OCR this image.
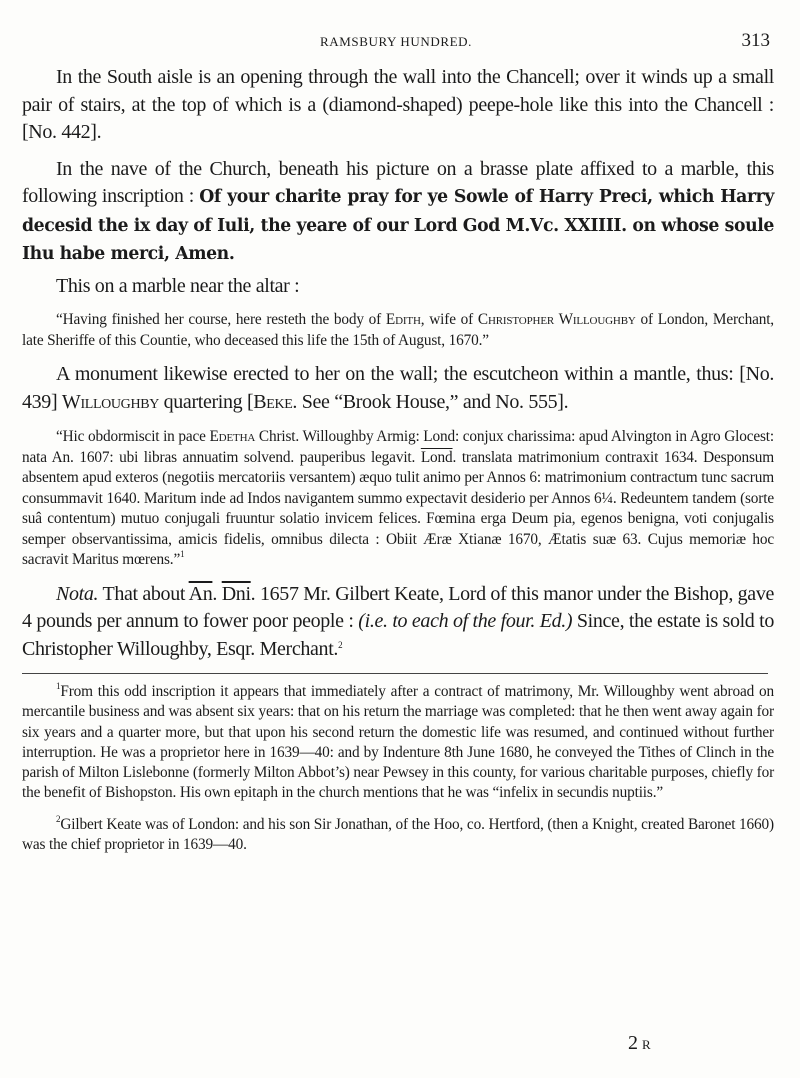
RAMSBURY HUNDRED.	313

In the South aisle is an opening through the wall into the Chancell; over it winds up a small pair of stairs, at the top of which is a (diamond-shaped) peepe-hole like this into the Chancell : [No. 442].

In the nave of the Church, beneath his picture on a brasse plate affixed to a marble, this following inscription : Of your charite pray for ye Sowle of Harry Preci, which Harry decesid the ix day of Iuli, the yeare of our Lord God M.Vc. XXIIII. on whose soule Ihu habe merci, Amen.

This on a marble near the altar :

“Having finished her course, here resteth the body of Edith, wife of Christopher Willoughby of London, Merchant, late Sheriffe of this Countie, who deceased this life the 15th of August, 1670.”

A monument likewise erected to her on the wall; the escutcheon within a mantle, thus: [No. 439] Willoughby quartering [Beke. See “Brook House,” and No. 555].

“Hic obdormiscit in pace Edetha Christ. Willoughby Armig: Lond: conjux charissima: apud Alvington in Agro Glocest: nata An. 1607: ubi libras annuatim solvend. pauperibus legavit. Lond. translata matrimonium contraxit 1634. Desponsum absentem apud exteros (negotiis mercatoriis versantem) æquo tulit animo per Annos 6: matrimonium contractum tunc sacrum consummavit 1640. Maritum inde ad Indos navigantem summo expectavit desiderio per Annos 6¼. Redeuntem tandem (sorte suâ contentum) mutuo conjugali fruuntur solatio invicem felices. Fœmina erga Deum pia, egenos benigna, voti conjugalis semper observantissima, amicis fidelis, omnibus dilecta : Obiit Æræ Xtianæ 1670, Ætatis suæ 63. Cujus memoriæ hoc sacravit Maritus mœrens.”$^1$

Nota. That about $\overline{An}$. $\overline{Dni}$. 1657 Mr. Gilbert Keate, Lord of this manor under the Bishop, gave 4 pounds per annum to fower poor people : (i.e. to each of the four. Ed.) Since, the estate is sold to Christopher Willoughby, Esqr. Merchant.$^2$

$^1$From this odd inscription it appears that immediately after a contract of matrimony, Mr. Willoughby went abroad on mercantile business and was absent six years: that on his return the marriage was completed: that he then went away again for six years and a quarter more, but that upon his second return the domestic life was resumed, and continued without further interruption. He was a proprietor here in 1639—40: and by Indenture 8th June 1680, he conveyed the Tithes of Clinch in the parish of Milton Lislebonne (formerly Milton Abbot’s) near Pewsey in this county, for various charitable purposes, chiefly for the benefit of Bishopston. His own epitaph in the church mentions that he was “infelix in secundis nuptiis.”

$^2$Gilbert Keate was of London: and his son Sir Jonathan, of the Hoo, co. Hertford, (then a Knight, created Baronet 1660) was the chief proprietor in 1639—40.

2 R
